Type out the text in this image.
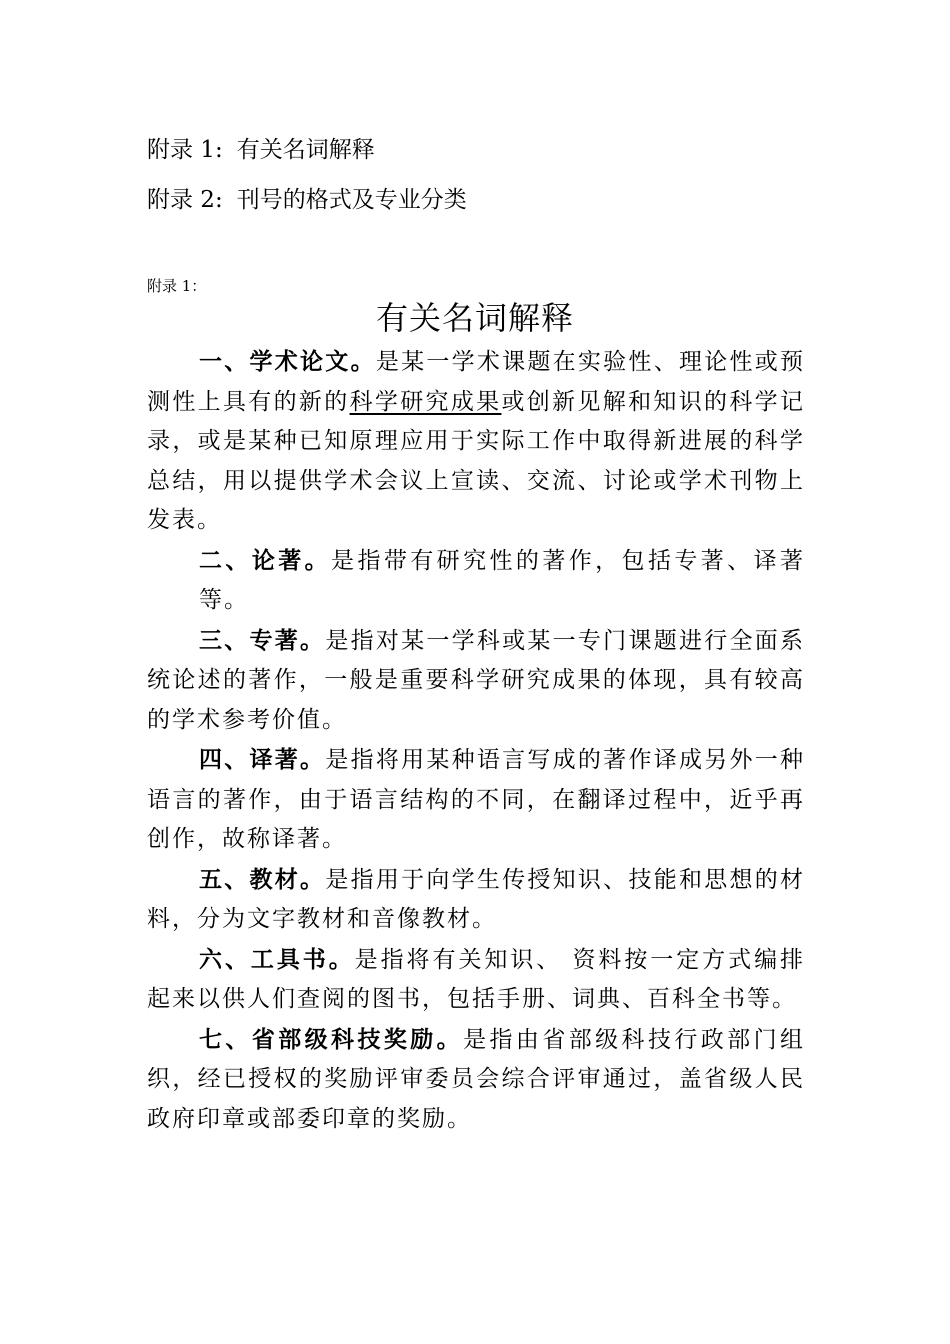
附录 1: 有关名词解释
附录 2: 刊号的格式及专业分类
附录 1：
有关名词解释

一、学术论文。是某一学术课题在实验性、理论性或预测性上具有的新的科学研究成果或创新见解和知识的科学记录，或是某种已知原理应用于实际工作中取得新进展的科学总结，用以提供学术会议上宣读、交流、讨论或学术刊物上发表。

二、论著。是指带有研究性的著作，包括专著、译著等。

三、专著。是指对某一学科或某一专门课题进行全面系统论述的著作，一般是重要科学研究成果的体现，具有较高的学术参考价值。

四、译著。是指将用某种语言写成的著作译成另外一种语言的著作，由于语言结构的不同，在翻译过程中，近乎再创作，故称译著。

五、教材。是指用于向学生传授知识、技能和思想的材料，分为文字教材和音像教材。

六、工具书。是指将有关知识、 资料按一定方式编排起来以供人们查阅的图书，包括手册、词典、百科全书等。

七、省部级科技奖励。是指由省部级科技行政部门组织，经已授权的奖励评审委员会综合评审通过，盖省级人民政府印章或部委印章的奖励。
